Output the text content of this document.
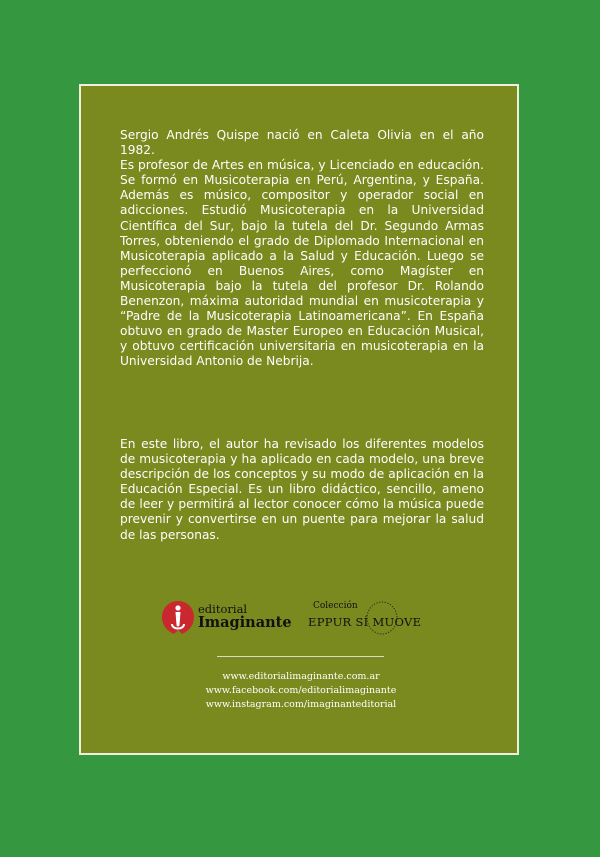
Sergio Andrés Quispe nació en Caleta Olivia en el año 1982.

Es profesor de Artes en música, y Licenciado en educación. Se formó en Musicoterapia en Perú, Argentina, y España. Además es músico, compositor y operador social en adicciones. Estudió Musicoterapia en la Universidad Científica del Sur, bajo la tutela del Dr. Segundo Armas Torres, obteniendo el grado de Diplomado Internacional en Musicoterapia aplicado a la Salud y Educación. Luego se perfeccionó en Buenos Aires, como Magíster en Musicoterapia bajo la tutela del profesor Dr. Rolando Benenzon, máxima autoridad mundial en musicoterapia y “Padre de la Musicoterapia Latinoamericana”. En España obtuvo en grado de Master Europeo en Educación Musical, y obtuvo certificación universitaria en musicoterapia en la Universidad Antonio de Nebrija.

En este libro, el autor ha revisado los diferentes modelos de musicoterapia y ha aplicado en cada modelo, una breve descripción de los conceptos y su modo de aplicación en la Educación Especial. Es un libro didáctico, sencillo, ameno de leer y permitirá al lector conocer cómo la música puede prevenir y convertirse en un puente para mejorar la salud de las personas.

editorial
Imaginante
Colección
EPPUR SÍ MUOVE
www.editorialimaginante.com.ar
www.facebook.com/editorialimaginante
www.instagram.com/imaginanteditorial
